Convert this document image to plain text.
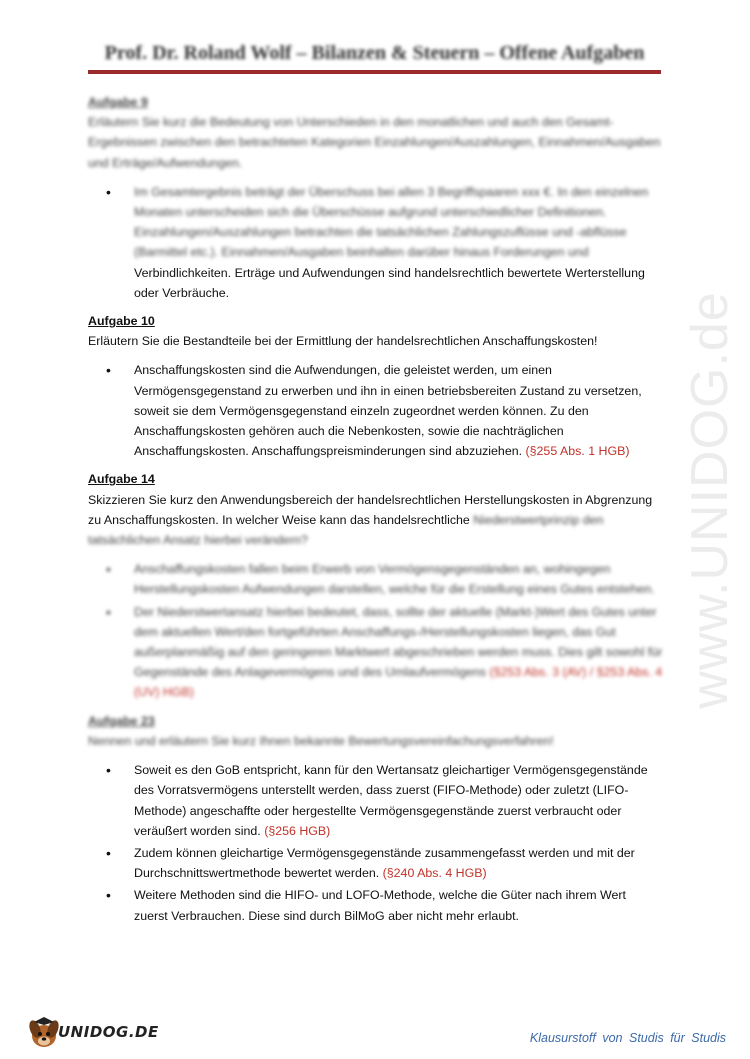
Prof. Dr. Roland Wolf – Bilanzen & Steuern – Offene Aufgaben
www.UNIDOG.de
Aufgabe 9

Erläutern Sie kurz die Bedeutung von Unterschieden in den monatlichen und auch den Gesamt-Ergebnissen zwischen den betrachteten Kategorien Einzahlungen/Auszahlungen, Einnahmen/Ausgaben und Erträge/Aufwendungen.

• Im Gesamtergebnis beträgt der Überschuss bei allen 3 Begriffspaaren xxx €. In den einzelnen Monaten unterscheiden sich die Überschüsse aufgrund unterschiedlicher Definitionen. Einzahlungen/Auszahlungen betrachten die tatsächlichen Zahlungszuflüsse und -abflüsse (Barmittel etc.). Einnahmen/Ausgaben beinhalten darüber hinaus Forderungen und Verbindlichkeiten. Erträge und Aufwendungen sind handelsrechtlich bewertete Werterstellung oder Verbräuche.
Aufgabe 10

Erläutern Sie die Bestandteile bei der Ermittlung der handelsrechtlichen Anschaffungskosten!

• Anschaffungskosten sind die Aufwendungen, die geleistet werden, um einen Vermögensgegenstand zu erwerben und ihn in einen betriebsbereiten Zustand zu versetzen, soweit sie dem Vermögensgegenstand einzeln zugeordnet werden können. Zu den Anschaffungskosten gehören auch die Nebenkosten, sowie die nachträglichen Anschaffungskosten. Anschaffungspreisminderungen sind abzuziehen. (§255 Abs. 1 HGB)
Aufgabe 14

Skizzieren Sie kurz den Anwendungsbereich der handelsrechtlichen Herstellungskosten in Abgrenzung zu Anschaffungskosten. In welcher Weise kann das handelsrechtliche Niederstwertprinzip den tatsächlichen Ansatz hierbei verändern?

• Anschaffungskosten fallen beim Erwerb von Vermögensgegenständen an, wohingegen Herstellungskosten Aufwendungen darstellen, welche für die Erstellung eines Gutes entstehen.
• Der Niederstwertansatz hierbei bedeutet, dass, sollte der aktuelle (Markt-)Wert des Gutes unter dem aktuellen Wert/den fortgeführten Anschaffungs-/Herstellungskosten liegen, das Gut außerplanmäßig auf den geringeren Marktwert abgeschrieben werden muss. Dies gilt sowohl für Gegenstände des Anlagevermögens und des Umlaufvermögens (§253 Abs. 3 (AV) / §253 Abs. 4 (UV) HGB)
Aufgabe 23

Nennen und erläutern Sie kurz Ihnen bekannte Bewertungsvereinfachungsverfahren!

• Soweit es den GoB entspricht, kann für den Wertansatz gleichartiger Vermögensgegenstände des Vorratsvermögens unterstellt werden, dass zuerst (FIFO-Methode) oder zuletzt (LIFO-Methode) angeschaffte oder hergestellte Vermögensgegenstände zuerst verbraucht oder veräußert worden sind. (§256 HGB)
• Zudem können gleichartige Vermögensgegenstände zusammengefasst werden und mit der Durchschnittswertmethode bewertet werden. (§240 Abs. 4 HGB)
• Weitere Methoden sind die HIFO- und LOFO-Methode, welche die Güter nach ihrem Wert zuerst Verbrauchen. Diese sind durch BilMoG aber nicht mehr erlaubt.
UNIDOG.DE	Klausurstoff von Studis für Studis
